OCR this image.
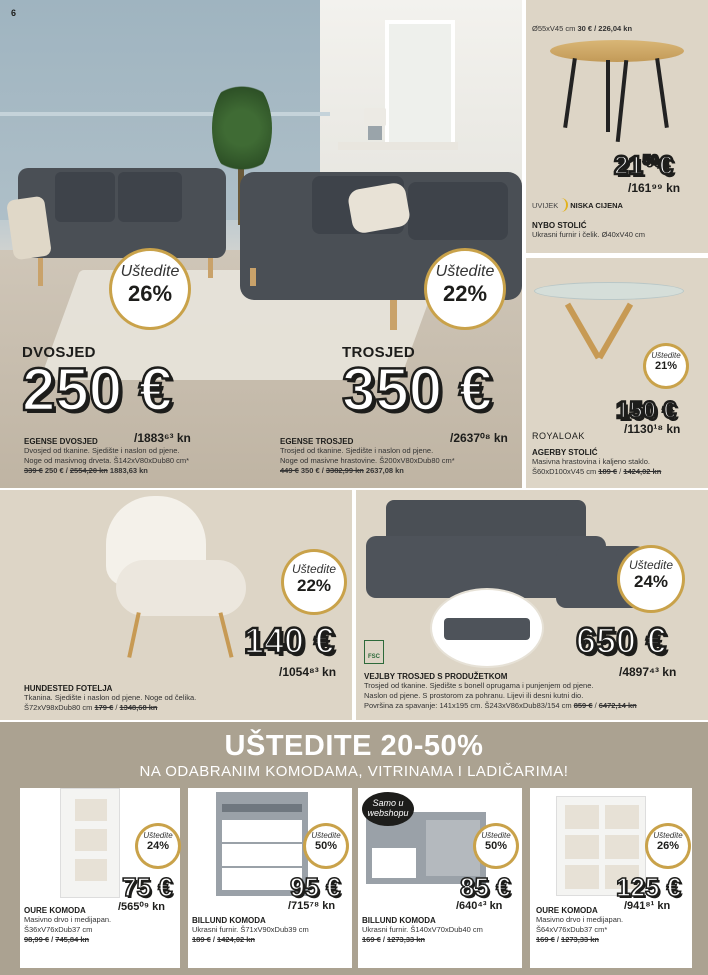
6
Uštedite
26%
Uštedite
22%
DVOSJED	TROSJED
250 €	350 €
/1883⁶³ kn	/2637⁰⁸ kn
EGENSE DVOSJED
Dvosjed od tkanine. Sjedište i naslon od pjene.
Noge od masivnog drveta. Š142xV80xDub80 cm*
339 € 250 € / 2554,20 kn 1883,63 kn
EGENSE TROSJED
Trosjed od tkanine. Sjedište i naslon od pjene.
Noge od masivne hrastovine. Š200xV80xDub80 cm*
449 € 350 € / 3382,99 kn 2637,08 kn
Ø55xV45 cm 30 € / 226,04 kn
$21^{50}€$
/161⁹⁹ kn
UVIJEK NISKA CIJENA
NYBO STOLIĆ
Ukrasni furnir i čelik. Ø40xV40 cm
Uštedite
21%
150 €
/1130¹⁸ kn
ROYALOAK
AGERBY STOLIĆ
Masivna hrastovina i kaljeno staklo.
Š60xD100xV45 cm 189 € / 1424,02 kn
Uštedite
22%
140 €
/1054⁸³ kn
HUNDESTED FOTELJA
Tkanina. Sjedište i naslon od pjene. Noge od čelika.
Š72xV98xDub80 cm 179 € / 1348,68 kn
FSC
Uštedite
24%
650 €
/4897⁴³ kn
VEJLBY TROSJED S PRODUŽETKOM
Trosjed od tkanine. Sjedište s bonell oprugama i punjenjem od pjene.
Naslon od pjene. S prostorom za pohranu. Lijevi ili desni kutni dio.
Površina za spavanje: 141x195 cm. Š243xV86xDub83/154 cm 859 € / 6472,14 kn
UŠTEDITE 20-50%
NA ODABRANIM KOMODAMA, VITRINAMA I LADIČARIMA!
Uštedite
24%
75 €
/565⁰⁹ kn
OURE KOMODA
Masivno drvo i medijapan.
Š36xV76xDub37 cm
98,99 € / 745,84 kn
Uštedite
50%
95 €
/715⁷⁸ kn
BILLUND KOMODA
Ukrasni furnir. Š71xV90xDub39 cm
189 € / 1424,02 kn
Samo u webshopu
Uštedite
50%
85 €
/640⁴³ kn
BILLUND KOMODA
Ukrasni furnir. Š140xV70xDub40 cm
169 € / 1273,33 kn
Uštedite
26%
125 €
/941⁸¹ kn
OURE KOMODA
Masivno drvo i medijapan.
Š64xV76xDub37 cm*
169 € / 1273,33 kn
